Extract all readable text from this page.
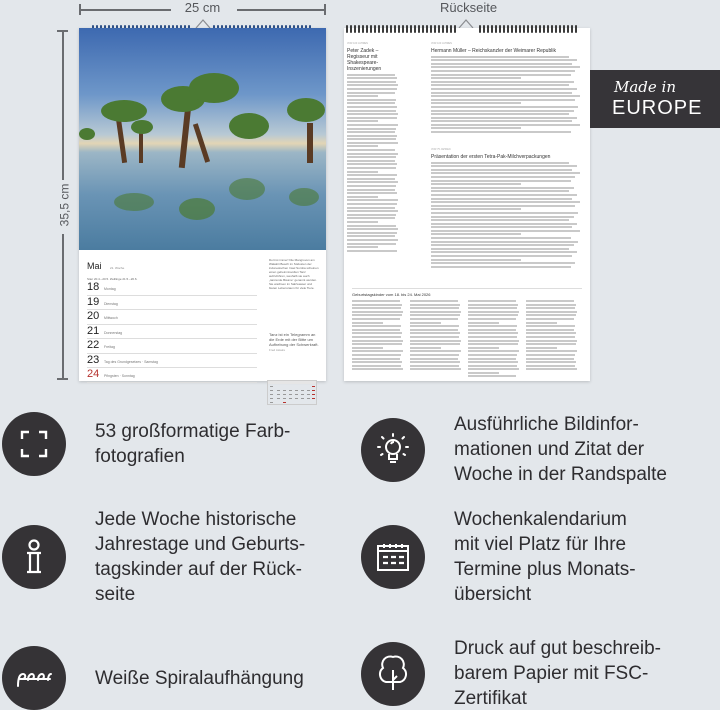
25 cm
35,5 cm
Rückseite
Mai	21. Woche
Stier 20.4.–20.5. Zwillinge 21.5.–20.6.
18	Montag
19	Dienstag
20	Mittwoch
21	Donnerstag
22	Freitag
23	Tag des Grundgesetzes · Samstag
24	Pfingsten · Sonntag
Dort ist immer! Die Mangroven am Walakiri Beach im Südosten der indonesischen Insel Sumba scheinen einen geheimnisvollen Tanz aufzuführen, weshalb sie auch „tanzende Bäume“ genannt werden. Sie wachsen im Salzwasser und bieten Lebensraum für viele Tiere.
Tanz ist ein Telegramm an die Erde mit der Bitte um Aufhebung der Schwerkraft.
Fred Astaire
VOR 100 JAHREN
Peter Zadek – Regisseur mit Shakespeare-Inszenierungen
VOR 100 JAHREN
Hermann Müller – Reichskanzler der Weimarer Republik
VOR 75 JAHREN
Präsentation der ersten Tetra-Pak-Milchverpackungen
Geburtstagskinder vom 18. bis 24. Mai 2026
Made in
EUROPE
53 großformatige Farb-
fotografien
Ausführliche Bildinfor-
mationen und Zitat der
Woche in der Randspalte
Jede Woche historische
Jahrestage und Geburts-
tagskinder auf der Rück-
seite
Wochenkalendarium
mit viel Platz für Ihre
Termine plus Monats-
übersicht
Weiße Spiralaufhängung
Druck auf gut beschreib-
barem Papier mit FSC-
Zertifikat
